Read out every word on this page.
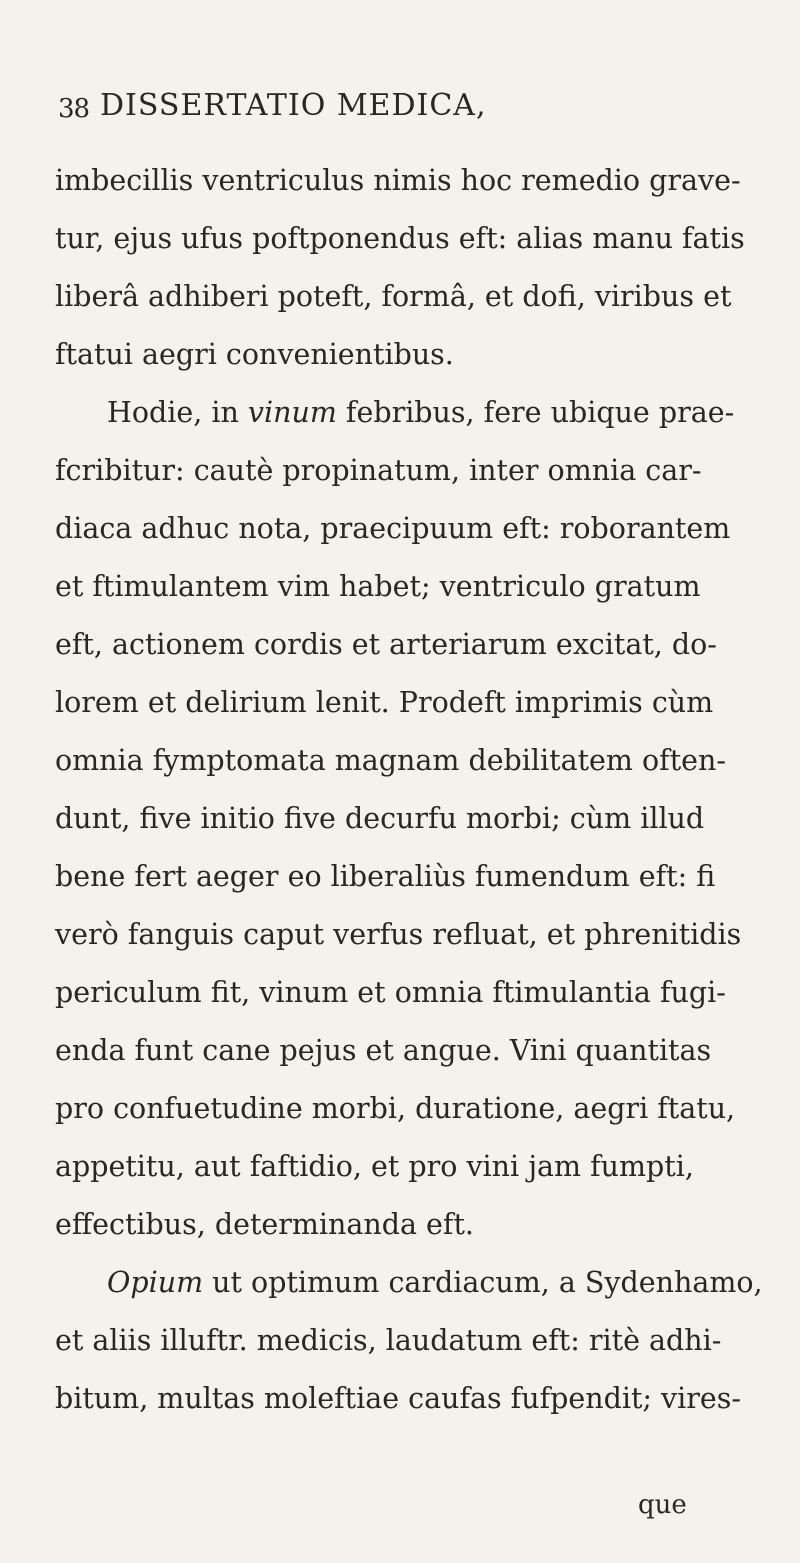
38 DISSERTATIO MEDICA,
imbecillis ventriculus nimis hoc remedio grave-
tur, ejus ufus poftponendus eft: alias manu fatis
liberâ adhiberi poteft, formâ, et dofi, viribus et
ftatui aegri convenientibus.
Hodie, in vinum febribus, fere ubique prae-
fcribitur: cautè propinatum, inter omnia car-
diaca adhuc nota, praecipuum eft: roborantem
et ftimulantem vim habet; ventriculo gratum
eft, actionem cordis et arteriarum excitat, do-
lorem et delirium lenit. Prodeft imprimis cùm
omnia fymptomata magnam debilitatem often-
dunt, five initio five decurfu morbi; cùm illud
bene fert aeger eo liberaliùs fumendum eft: fi
verò fanguis caput verfus refluat, et phrenitidis
periculum fit, vinum et omnia ftimulantia fugi-
enda funt cane pejus et angue. Vini quantitas
pro confuetudine morbi, duratione, aegri ftatu,
appetitu, aut faftidio, et pro vini jam fumpti,
effectibus, determinanda eft.
Opium ut optimum cardiacum, a Sydenhamo,
et aliis illuftr. medicis, laudatum eft: ritè adhi-
bitum, multas moleftiae caufas fufpendit; vires-
que
